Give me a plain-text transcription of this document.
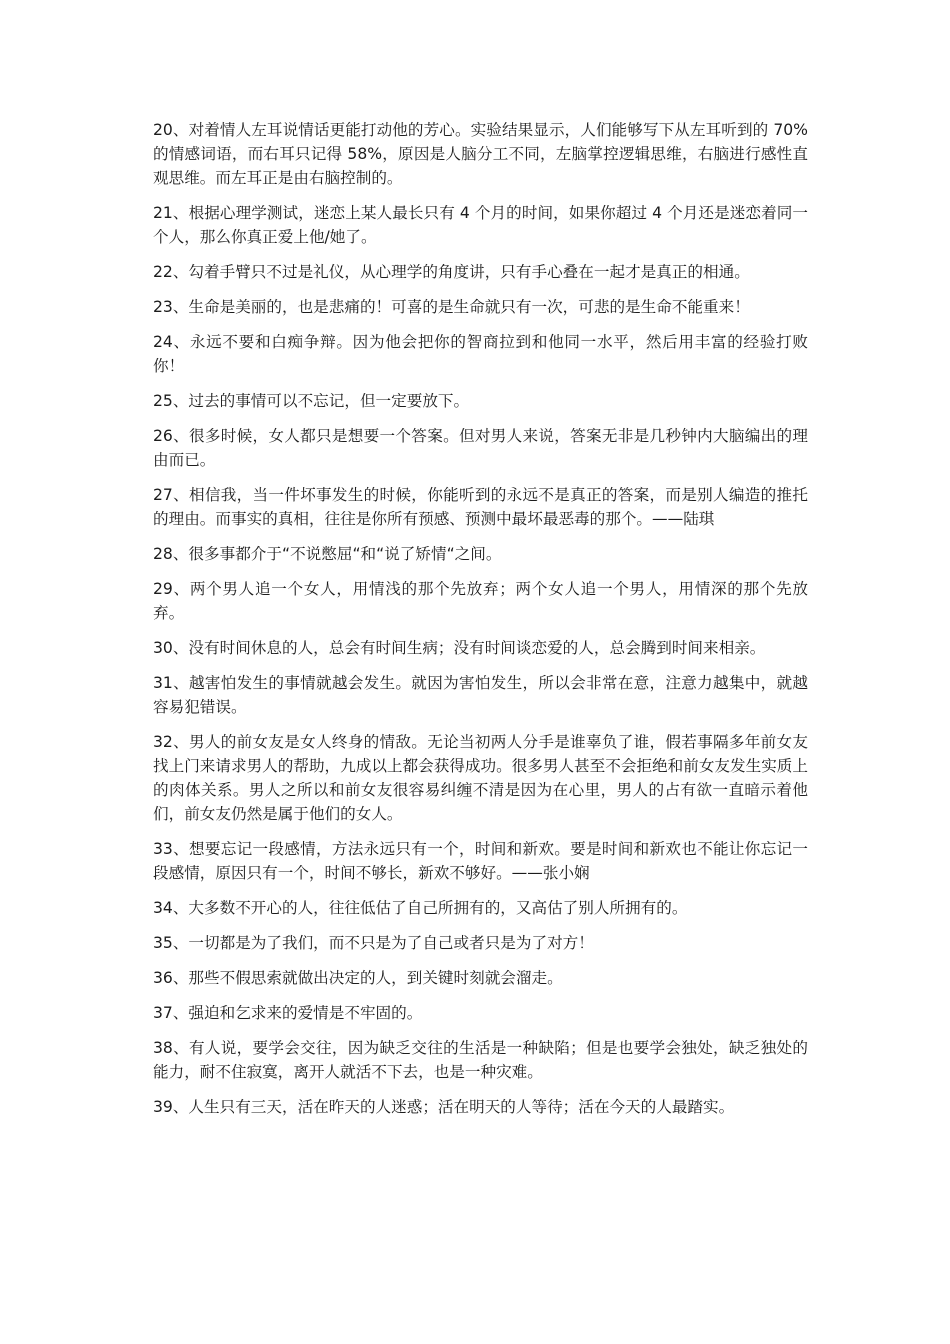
20、对着情人左耳说情话更能打动他的芳心。实验结果显示，人们能够写下从左耳听到的 70%的情感词语，而右耳只记得 58%，原因是人脑分工不同，左脑掌控逻辑思维，右脑进行感性直观思维。而左耳正是由右脑控制的。

21、根据心理学测试，迷恋上某人最长只有 4 个月的时间，如果你超过 4 个月还是迷恋着同一个人，那么你真正爱上他/她了。

22、勾着手臂只不过是礼仪，从心理学的角度讲，只有手心叠在一起才是真正的相通。

23、生命是美丽的，也是悲痛的！可喜的是生命就只有一次，可悲的是生命不能重来！

24、永远不要和白痴争辩。因为他会把你的智商拉到和他同一水平，然后用丰富的经验打败你！

25、过去的事情可以不忘记，但一定要放下。

26、很多时候，女人都只是想要一个答案。但对男人来说，答案无非是几秒钟内大脑编出的理由而已。

27、相信我，当一件坏事发生的时候，你能听到的永远不是真正的答案，而是别人编造的推托的理由。而事实的真相，往往是你所有预感、预测中最坏最恶毒的那个。——陆琪

28、很多事都介于“不说憋屈“和“说了矫情“之间。

29、两个男人追一个女人，用情浅的那个先放弃；两个女人追一个男人，用情深的那个先放弃。

30、没有时间休息的人，总会有时间生病；没有时间谈恋爱的人，总会腾到时间来相亲。

31、越害怕发生的事情就越会发生。就因为害怕发生，所以会非常在意，注意力越集中，就越容易犯错误。

32、男人的前女友是女人终身的情敌。无论当初两人分手是谁辜负了谁，假若事隔多年前女友找上门来请求男人的帮助，九成以上都会获得成功。很多男人甚至不会拒绝和前女友发生实质上的肉体关系。男人之所以和前女友很容易纠缠不清是因为在心里，男人的占有欲一直暗示着他们，前女友仍然是属于他们的女人。

33、想要忘记一段感情，方法永远只有一个，时间和新欢。要是时间和新欢也不能让你忘记一段感情，原因只有一个，时间不够长，新欢不够好。——张小娴

34、大多数不开心的人，往往低估了自己所拥有的，又高估了别人所拥有的。

35、一切都是为了我们，而不只是为了自己或者只是为了对方！

36、那些不假思索就做出决定的人，到关键时刻就会溜走。

37、强迫和乞求来的爱情是不牢固的。

38、有人说，要学会交往，因为缺乏交往的生活是一种缺陷；但是也要学会独处，缺乏独处的能力，耐不住寂寞，离开人就活不下去，也是一种灾难。

39、人生只有三天，活在昨天的人迷惑；活在明天的人等待；活在今天的人最踏实。
